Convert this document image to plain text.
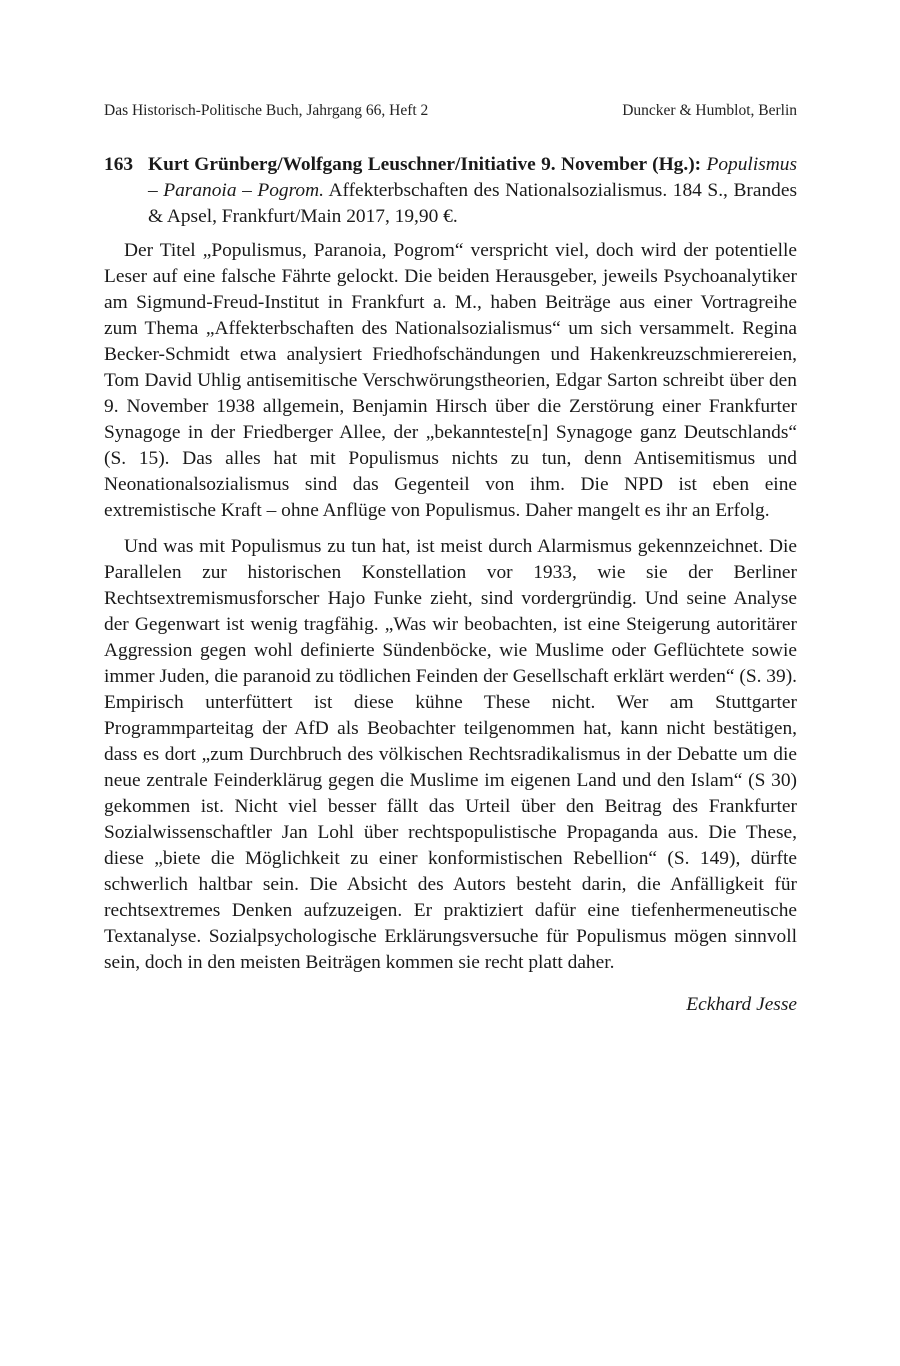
Das Historisch-Politische Buch, Jahrgang 66, Heft 2	Duncker & Humblot, Berlin
163 Kurt Grünberg/Wolfgang Leuschner/Initiative 9. November (Hg.): Populismus – Paranoia – Pogrom. Affekterbschaften des Nationalsozialismus. 184 S., Brandes & Apsel, Frankfurt/Main 2017, 19,90 €.

Der Titel „Populismus, Paranoia, Pogrom“ verspricht viel, doch wird der potentielle Leser auf eine falsche Fährte gelockt. Die beiden Herausgeber, jeweils Psychoanalytiker am Sigmund-Freud-Institut in Frankfurt a. M., haben Beiträge aus einer Vortragreihe zum Thema „Affekterbschaften des Nationalsozialismus“ um sich versammelt. Regina Becker-Schmidt etwa analysiert Friedhofschändungen und Hakenkreuzschmierereien, Tom David Uhlig antisemitische Verschwörungstheorien, Edgar Sarton schreibt über den 9. November 1938 allgemein, Benjamin Hirsch über die Zerstörung einer Frankfurter Synagoge in der Friedberger Allee, der „bekannteste[n] Synagoge ganz Deutschlands“ (S. 15). Das alles hat mit Populismus nichts zu tun, denn Antisemitismus und Neonationalsozialismus sind das Gegenteil von ihm. Die NPD ist eben eine extremistische Kraft – ohne Anflüge von Populismus. Daher mangelt es ihr an Erfolg.

Und was mit Populismus zu tun hat, ist meist durch Alarmismus gekennzeichnet. Die Parallelen zur historischen Konstellation vor 1933, wie sie der Berliner Rechtsextremismusforscher Hajo Funke zieht, sind vordergründig. Und seine Analyse der Gegenwart ist wenig tragfähig. „Was wir beobachten, ist eine Steigerung autoritärer Aggression gegen wohl definierte Sündenböcke, wie Muslime oder Geflüchtete sowie immer Juden, die paranoid zu tödlichen Feinden der Gesellschaft erklärt werden“ (S. 39). Empirisch unterfüttert ist diese kühne These nicht. Wer am Stuttgarter Programmparteitag der AfD als Beobachter teilgenommen hat, kann nicht bestätigen, dass es dort „zum Durchbruch des völkischen Rechtsradikalismus in der Debatte um die neue zentrale Feinderklärug gegen die Muslime im eigenen Land und den Islam“ (S 30) gekommen ist. Nicht viel besser fällt das Urteil über den Beitrag des Frankfurter Sozialwissenschaftler Jan Lohl über rechtspopulistische Propaganda aus. Die These, diese „biete die Möglichkeit zu einer konformistischen Rebellion“ (S. 149), dürfte schwerlich haltbar sein. Die Absicht des Autors besteht darin, die Anfälligkeit für rechtsextremes Denken aufzuzeigen. Er praktiziert dafür eine tiefenhermeneutische Textanalyse. Sozialpsychologische Erklärungsversuche für Populismus mögen sinnvoll sein, doch in den meisten Beiträgen kommen sie recht platt daher.

Eckhard Jesse
